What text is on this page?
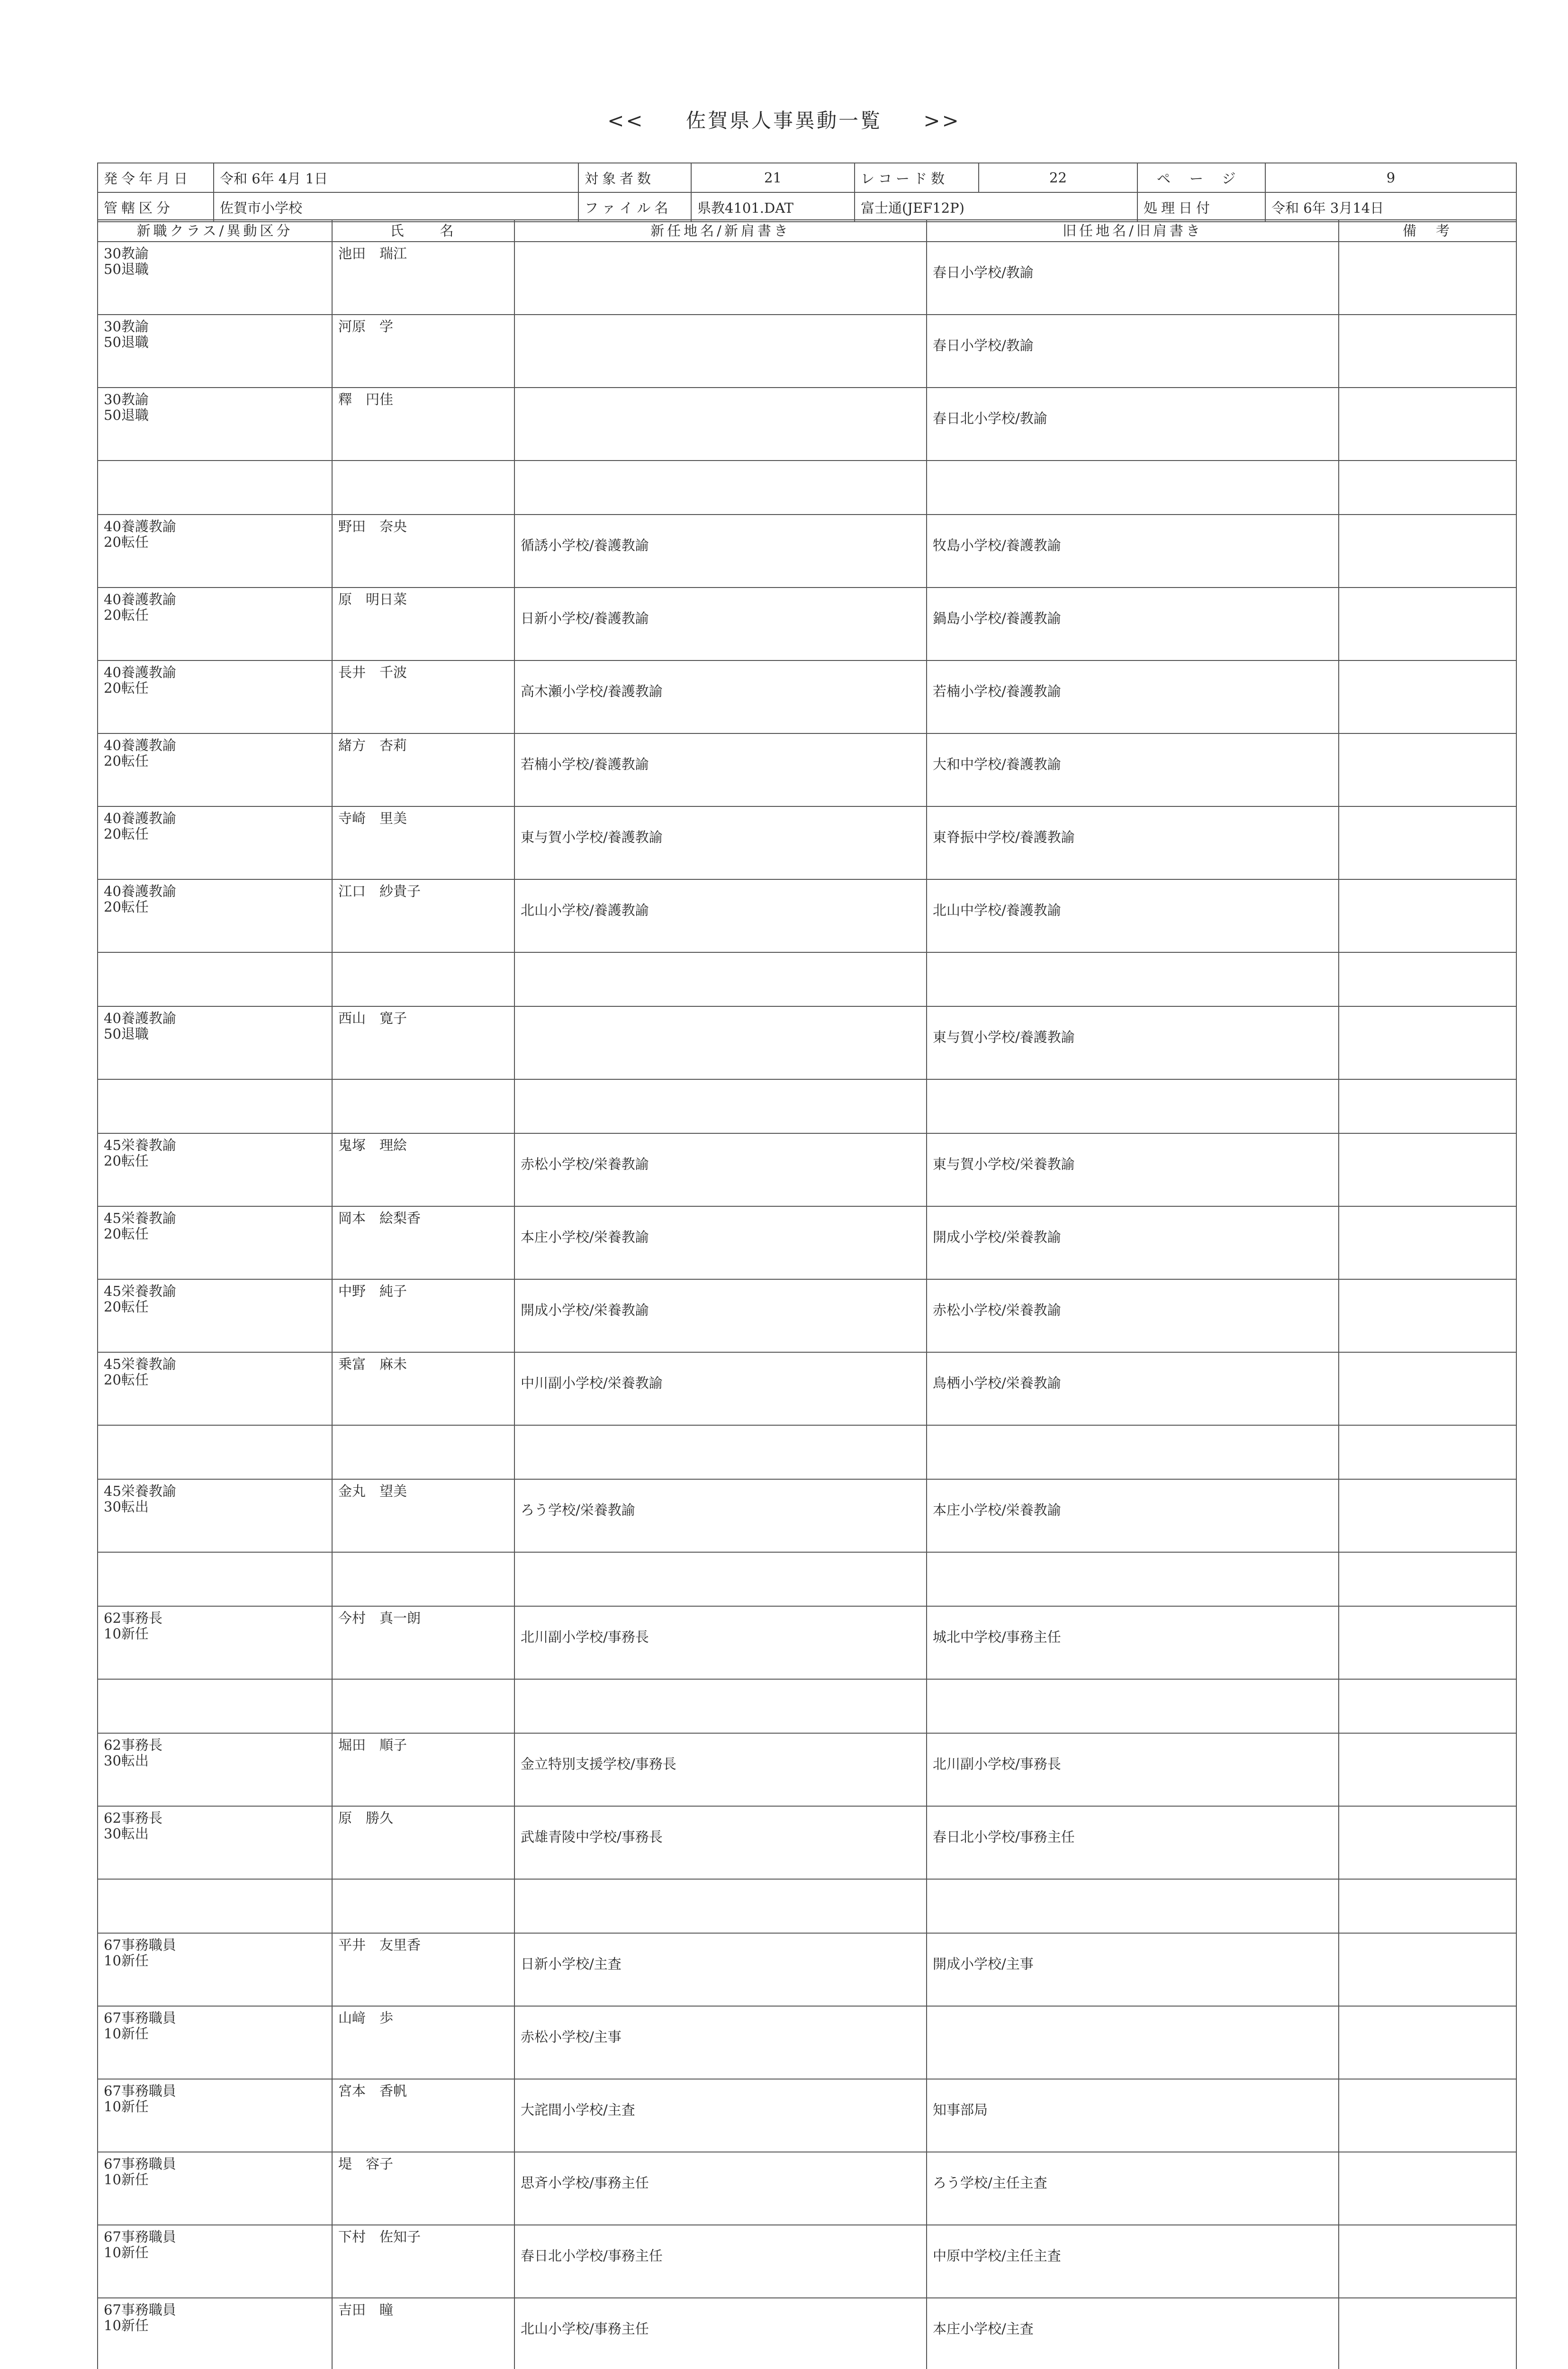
<< 佐賀県人事異動一覧 >>
発令年月日	令和 6年 4月 1日	対象者数	21	レコード数	22	ページ	9
管轄区分	佐賀市小学校	ファイル名	県教4101.DAT	富士通(JEF12P)		処理日付	令和 6年 3月14日
新職クラス/異動区分	氏　　名	新任地名/新肩書き	旧任地名/旧肩書き	備　考

30教諭
50退職	池田　瑞江		春日小学校/教諭	

30教諭
50退職	河原　学		春日小学校/教諭	

30教諭
50退職	釋　円佳		春日北小学校/教諭	

40養護教諭
20転任	野田　奈央	循誘小学校/養護教諭	牧島小学校/養護教諭	

40養護教諭
20転任	原　明日菜	日新小学校/養護教諭	鍋島小学校/養護教諭	

40養護教諭
20転任	長井　千波	高木瀬小学校/養護教諭	若楠小学校/養護教諭	

40養護教諭
20転任	緒方　杏莉	若楠小学校/養護教諭	大和中学校/養護教諭	

40養護教諭
20転任	寺崎　里美	東与賀小学校/養護教諭	東脊振中学校/養護教諭	

40養護教諭
20転任	江口　紗貴子	北山小学校/養護教諭	北山中学校/養護教諭	

40養護教諭
50退職	西山　寛子		東与賀小学校/養護教諭	

45栄養教諭
20転任	鬼塚　理絵	赤松小学校/栄養教諭	東与賀小学校/栄養教諭	

45栄養教諭
20転任	岡本　絵梨香	本庄小学校/栄養教諭	開成小学校/栄養教諭	

45栄養教諭
20転任	中野　純子	開成小学校/栄養教諭	赤松小学校/栄養教諭	

45栄養教諭
20転任	乗富　麻未	中川副小学校/栄養教諭	鳥栖小学校/栄養教諭	

45栄養教諭
30転出	金丸　望美	ろう学校/栄養教諭	本庄小学校/栄養教諭	

62事務長
10新任	今村　真一朗	北川副小学校/事務長	城北中学校/事務主任	

62事務長
30転出	堀田　順子	金立特別支援学校/事務長	北川副小学校/事務長	

62事務長
30転出	原　勝久	武雄青陵中学校/事務長	春日北小学校/事務主任	

67事務職員
10新任	平井　友里香	日新小学校/主査	開成小学校/主事	

67事務職員
10新任	山﨑　歩	赤松小学校/主事		

67事務職員
10新任	宮本　香帆	大詫間小学校/主査	知事部局	

67事務職員
10新任	堤　容子	思斉小学校/事務主任	ろう学校/主任主査	

67事務職員
10新任	下村　佐知子	春日北小学校/事務主任	中原中学校/主任主査	

67事務職員
10新任	吉田　瞳	北山小学校/事務主任	本庄小学校/主査	
